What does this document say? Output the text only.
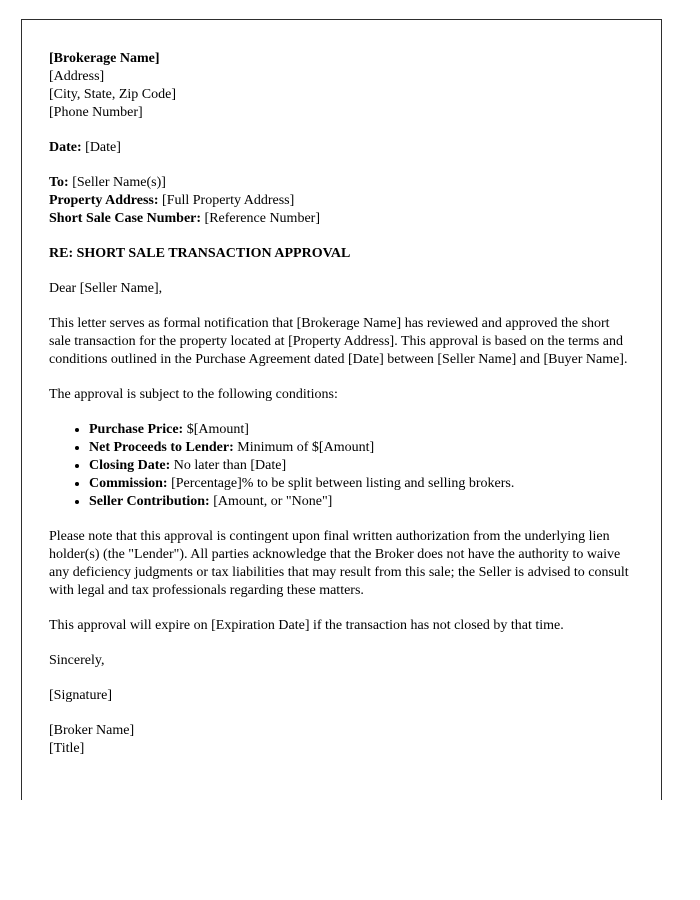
[Brokerage Name]
[Address]
[City, State, Zip Code]
[Phone Number]
Date: [Date]
To: [Seller Name(s)]
Property Address: [Full Property Address]
Short Sale Case Number: [Reference Number]

RE: SHORT SALE TRANSACTION APPROVAL

Dear [Seller Name],

This letter serves as formal notification that [Brokerage Name] has reviewed and approved the short sale transaction for the property located at [Property Address]. This approval is based on the terms and conditions outlined in the Purchase Agreement dated [Date] between [Seller Name] and [Buyer Name].

The approval is subject to the following conditions:

• Purchase Price: $[Amount]
• Net Proceeds to Lender: Minimum of $[Amount]
• Closing Date: No later than [Date]
• Commission: [Percentage]% to be split between listing and selling brokers.
• Seller Contribution: [Amount, or "None"]

Please note that this approval is contingent upon final written authorization from the underlying lien holder(s) (the "Lender"). All parties acknowledge that the Broker does not have the authority to waive any deficiency judgments or tax liabilities that may result from this sale; the Seller is advised to consult with legal and tax professionals regarding these matters.

This approval will expire on [Expiration Date] if the transaction has not closed by that time.

Sincerely,

[Signature]

[Broker Name]
[Title]
